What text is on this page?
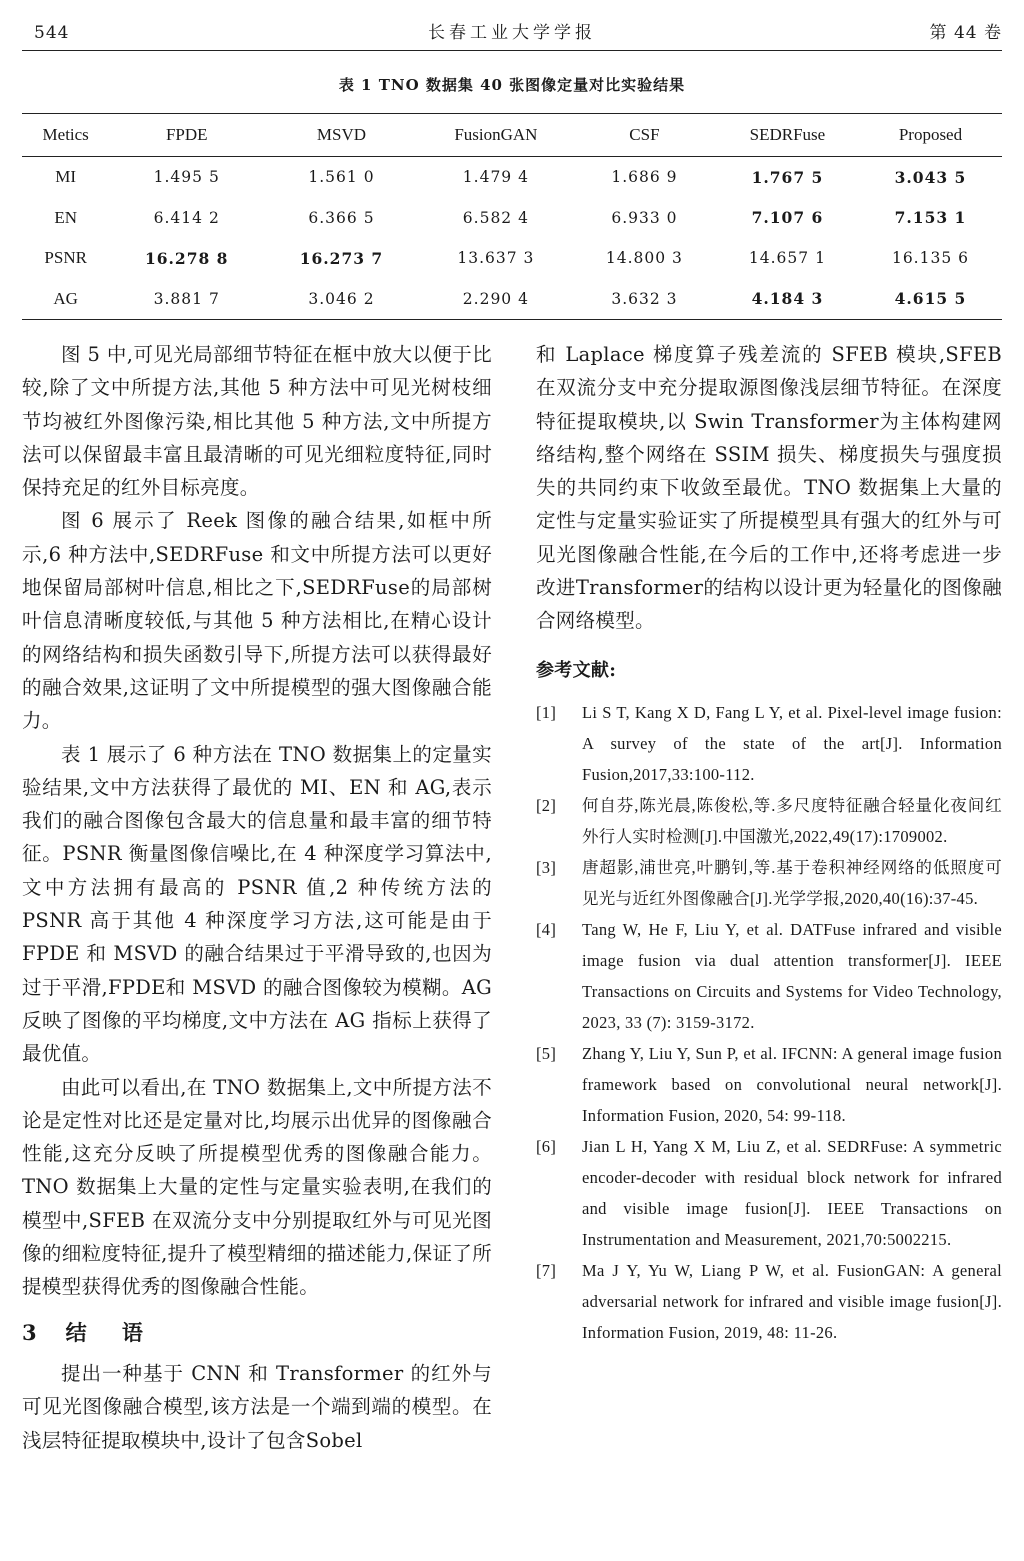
544	长春工业大学学报	第 44 卷
表 1 TNO 数据集 40 张图像定量对比实验结果
Metics	FPDE	MSVD	FusionGAN	CSF	SEDRFuse	Proposed
MI	1.495 5	1.561 0	1.479 4	1.686 9	1.767 5	3.043 5
EN	6.414 2	6.366 5	6.582 4	6.933 0	7.107 6	7.153 1
PSNR	16.278 8	16.273 7	13.637 3	14.800 3	14.657 1	16.135 6
AG	3.881 7	3.046 2	2.290 4	3.632 3	4.184 3	4.615 5

图 5 中,可见光局部细节特征在框中放大以便于比较,除了文中所提方法,其他 5 种方法中可见光树枝细节均被红外图像污染,相比其他 5 种方法,文中所提方法可以保留最丰富且最清晰的可见光细粒度特征,同时保持充足的红外目标亮度。

图 6 展示了 Reek 图像的融合结果,如框中所示,6 种方法中,SEDRFuse 和文中所提方法可以更好地保留局部树叶信息,相比之下,SEDRFuse的局部树叶信息清晰度较低,与其他 5 种方法相比,在精心设计的网络结构和损失函数引导下,所提方法可以获得最好的融合效果,这证明了文中所提模型的强大图像融合能力。

表 1 展示了 6 种方法在 TNO 数据集上的定量实验结果,文中方法获得了最优的 MI、EN 和 AG,表示我们的融合图像包含最大的信息量和最丰富的细节特征。PSNR 衡量图像信噪比,在 4 种深度学习算法中,文中方法拥有最高的 PSNR 值,2 种传统方法的 PSNR 高于其他 4 种深度学习方法,这可能是由于 FPDE 和 MSVD 的融合结果过于平滑导致的,也因为过于平滑,FPDE和 MSVD 的融合图像较为模糊。AG 反映了图像的平均梯度,文中方法在 AG 指标上获得了最优值。

由此可以看出,在 TNO 数据集上,文中所提方法不论是定性对比还是定量对比,均展示出优异的图像融合性能,这充分反映了所提模型优秀的图像融合能力。TNO 数据集上大量的定性与定量实验表明,在我们的模型中,SFEB 在双流分支中分别提取红外与可见光图像的细粒度特征,提升了模型精细的描述能力,保证了所提模型获得优秀的图像融合性能。

3 结 语

提出一种基于 CNN 和 Transformer 的红外与可见光图像融合模型,该方法是一个端到端的模型。在浅层特征提取模块中,设计了包含Sobel

和 Laplace 梯度算子残差流的 SFEB 模块,SFEB 在双流分支中充分提取源图像浅层细节特征。在深度特征提取模块,以 Swin Transformer为主体构建网络结构,整个网络在 SSIM 损失、梯度损失与强度损失的共同约束下收敛至最优。TNO 数据集上大量的定性与定量实验证实了所提模型具有强大的红外与可见光图像融合性能,在今后的工作中,还将考虑进一步改进Transformer的结构以设计更为轻量化的图像融合网络模型。

参考文献:
[1] Li S T, Kang X D, Fang L Y, et al. Pixel-level image fusion: A survey of the state of the art[J]. Information Fusion,2017,33:100-112.
[2] 何自芬,陈光晨,陈俊松,等.多尺度特征融合轻量化夜间红外行人实时检测[J].中国激光,2022,49(17):1709002.
[3] 唐超影,浦世亮,叶鹏钊,等.基于卷积神经网络的低照度可见光与近红外图像融合[J].光学学报,2020,40(16):37-45.
[4] Tang W, He F, Liu Y, et al. DATFuse infrared and visible image fusion via dual attention transformer[J]. IEEE Transactions on Circuits and Systems for Video Technology, 2023, 33 (7): 3159-3172.
[5] Zhang Y, Liu Y, Sun P, et al. IFCNN: A general image fusion framework based on convolutional neural network[J]. Information Fusion, 2020, 54: 99-118.
[6] Jian L H, Yang X M, Liu Z, et al. SEDRFuse: A symmetric encoder-decoder with residual block network for infrared and visible image fusion[J]. IEEE Transactions on Instrumentation and Measurement, 2021,70:5002215.
[7] Ma J Y, Yu W, Liang P W, et al. FusionGAN: A general adversarial network for infrared and visible image fusion[J]. Information Fusion, 2019, 48: 11-26.
